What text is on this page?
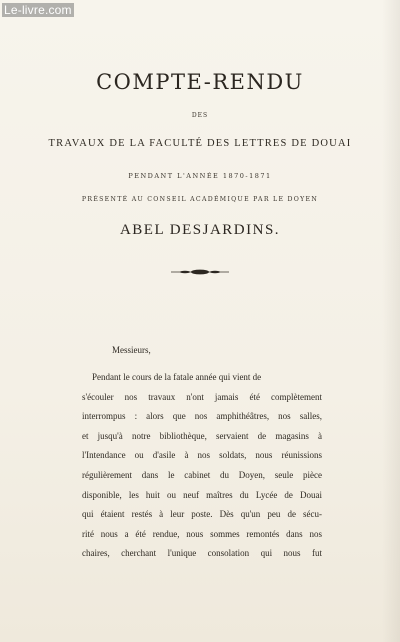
Le-livre.com
COMPTE-RENDU
DES
TRAVAUX DE LA FACULTÉ DES LETTRES DE DOUAI
PENDANT L'ANNÉE 1870-1871
PRÉSENTÉ AU CONSEIL ACADÉMIQUE PAR LE DOYEN
ABEL DESJARDINS.
Messieurs,
Pendant le cours de la fatale année qui vient de
s'écouler nos travaux n'ont jamais été complètement
interrompus : alors que nos amphithéâtres, nos salles,
et jusqu'à notre bibliothèque, servaient de magasins à
l'Intendance ou d'asile à nos soldats, nous réunissions
régulièrement dans le cabinet du Doyen, seule pièce
disponible, les huit ou neuf maîtres du Lycée de Douai
qui étaient restés à leur poste. Dès qu'un peu de sécu-
rité nous a été rendue, nous sommes remontés dans nos
chaires, cherchant l'unique consolation qui nous fut
